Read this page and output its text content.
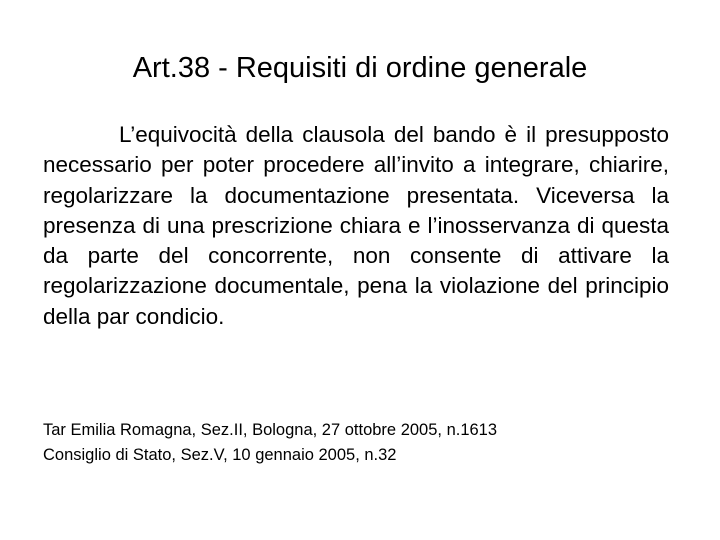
Art.38 - Requisiti di ordine generale

L’equivocità della clausola del bando è il presupposto necessario per poter procedere all’invito a integrare, chiarire, regolarizzare la documentazione presentata. Viceversa la presenza di una prescrizione chiara e l’inosservanza di questa da parte del concorrente, non consente di attivare la regolarizzazione documentale, pena la violazione del principio della par condicio.

Tar Emilia Romagna, Sez.II, Bologna, 27 ottobre 2005, n.1613
Consiglio di Stato, Sez.V, 10 gennaio 2005, n.32
